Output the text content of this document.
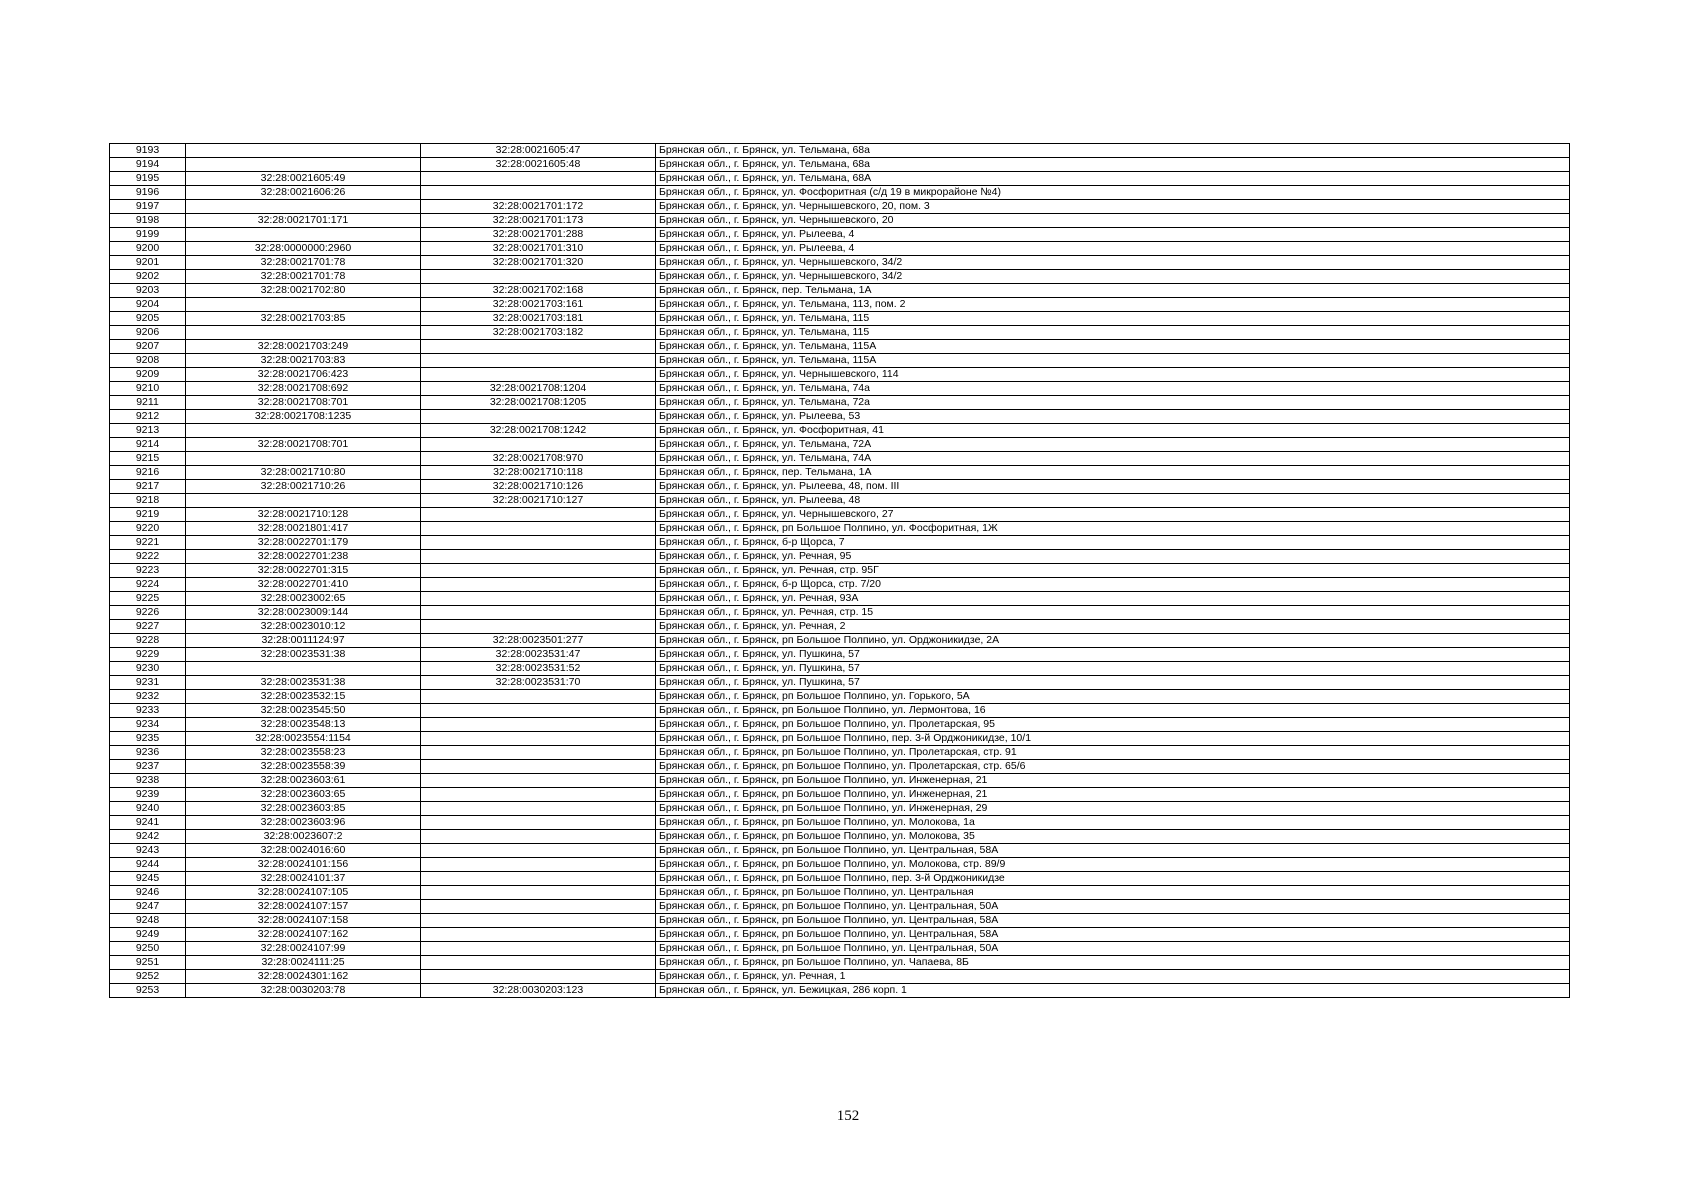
9193		32:28:0021605:47	Брянская обл., г. Брянск, ул. Тельмана, 68а
9194		32:28:0021605:48	Брянская обл., г. Брянск, ул. Тельмана, 68а
9195	32:28:0021605:49		Брянская обл., г. Брянск, ул. Тельмана, 68А
9196	32:28:0021606:26		Брянская обл., г. Брянск, ул. Фосфоритная (с/д 19 в микрорайоне №4)
9197		32:28:0021701:172	Брянская обл., г. Брянск, ул. Чернышевского, 20, пом. 3
9198	32:28:0021701:171	32:28:0021701:173	Брянская обл., г. Брянск, ул. Чернышевского, 20
9199		32:28:0021701:288	Брянская обл., г. Брянск, ул. Рылеева, 4
9200	32:28:0000000:2960	32:28:0021701:310	Брянская обл., г. Брянск, ул. Рылеева, 4
9201	32:28:0021701:78	32:28:0021701:320	Брянская обл., г. Брянск, ул. Чернышевского, 34/2
9202	32:28:0021701:78		Брянская обл., г. Брянск, ул. Чернышевского, 34/2
9203	32:28:0021702:80	32:28:0021702:168	Брянская обл., г. Брянск, пер. Тельмана, 1А
9204		32:28:0021703:161	Брянская обл., г. Брянск, ул. Тельмана, 113, пом. 2
9205	32:28:0021703:85	32:28:0021703:181	Брянская обл., г. Брянск, ул. Тельмана, 115
9206		32:28:0021703:182	Брянская обл., г. Брянск, ул. Тельмана, 115
9207	32:28:0021703:249		Брянская обл., г. Брянск, ул. Тельмана, 115А
9208	32:28:0021703:83		Брянская обл., г. Брянск, ул. Тельмана, 115А
9209	32:28:0021706:423		Брянская обл., г. Брянск, ул. Чернышевского, 114
9210	32:28:0021708:692	32:28:0021708:1204	Брянская обл., г. Брянск, ул. Тельмана, 74а
9211	32:28:0021708:701	32:28:0021708:1205	Брянская обл., г. Брянск, ул. Тельмана, 72а
9212	32:28:0021708:1235		Брянская обл., г. Брянск, ул. Рылеева, 53
9213		32:28:0021708:1242	Брянская обл., г. Брянск, ул. Фосфоритная, 41
9214	32:28:0021708:701		Брянская обл., г. Брянск, ул. Тельмана, 72А
9215		32:28:0021708:970	Брянская обл., г. Брянск, ул. Тельмана, 74А
9216	32:28:0021710:80	32:28:0021710:118	Брянская обл., г. Брянск, пер. Тельмана, 1А
9217	32:28:0021710:26	32:28:0021710:126	Брянская обл., г. Брянск, ул. Рылеева, 48, пом. III
9218		32:28:0021710:127	Брянская обл., г. Брянск, ул. Рылеева, 48
9219	32:28:0021710:128		Брянская обл., г. Брянск, ул. Чернышевского, 27
9220	32:28:0021801:417		Брянская обл., г. Брянск, рп Большое Полпино, ул. Фосфоритная, 1Ж
9221	32:28:0022701:179		Брянская обл., г. Брянск, б-р Щорса, 7
9222	32:28:0022701:238		Брянская обл., г. Брянск, ул. Речная, 95
9223	32:28:0022701:315		Брянская обл., г. Брянск, ул. Речная, стр. 95Г
9224	32:28:0022701:410		Брянская обл., г. Брянск, б-р Щорса, стр. 7/20
9225	32:28:0023002:65		Брянская обл., г. Брянск, ул. Речная, 93А
9226	32:28:0023009:144		Брянская обл., г. Брянск, ул. Речная, стр. 15
9227	32:28:0023010:12		Брянская обл., г. Брянск, ул. Речная, 2
9228	32:28:0011124:97	32:28:0023501:277	Брянская обл., г. Брянск, рп Большое Полпино, ул. Орджоникидзе, 2А
9229	32:28:0023531:38	32:28:0023531:47	Брянская обл., г. Брянск, ул. Пушкина, 57
9230		32:28:0023531:52	Брянская обл., г. Брянск, ул. Пушкина, 57
9231	32:28:0023531:38	32:28:0023531:70	Брянская обл., г. Брянск, ул. Пушкина, 57
9232	32:28:0023532:15		Брянская обл., г. Брянск, рп Большое Полпино, ул. Горького, 5А
9233	32:28:0023545:50		Брянская обл., г. Брянск, рп Большое Полпино, ул. Лермонтова, 16
9234	32:28:0023548:13		Брянская обл., г. Брянск, рп Большое Полпино, ул. Пролетарская, 95
9235	32:28:0023554:1154		Брянская обл., г. Брянск, рп Большое Полпино, пер. 3-й Орджоникидзе, 10/1
9236	32:28:0023558:23		Брянская обл., г. Брянск, рп Большое Полпино, ул. Пролетарская, стр. 91
9237	32:28:0023558:39		Брянская обл., г. Брянск, рп Большое Полпино, ул. Пролетарская, стр. 65/6
9238	32:28:0023603:61		Брянская обл., г. Брянск, рп Большое Полпино, ул. Инженерная, 21
9239	32:28:0023603:65		Брянская обл., г. Брянск, рп Большое Полпино, ул. Инженерная, 21
9240	32:28:0023603:85		Брянская обл., г. Брянск, рп Большое Полпино, ул. Инженерная, 29
9241	32:28:0023603:96		Брянская обл., г. Брянск, рп Большое Полпино, ул. Молокова, 1а
9242	32:28:0023607:2		Брянская обл., г. Брянск, рп Большое Полпино, ул. Молокова, 35
9243	32:28:0024016:60		Брянская обл., г. Брянск, рп Большое Полпино, ул. Центральная, 58А
9244	32:28:0024101:156		Брянская обл., г. Брянск, рп Большое Полпино, ул. Молокова, стр. 89/9
9245	32:28:0024101:37		Брянская обл., г. Брянск, рп Большое Полпино, пер. 3-й Орджоникидзе
9246	32:28:0024107:105		Брянская обл., г. Брянск, рп Большое Полпино, ул. Центральная
9247	32:28:0024107:157		Брянская обл., г. Брянск, рп Большое Полпино, ул. Центральная, 50А
9248	32:28:0024107:158		Брянская обл., г. Брянск, рп Большое Полпино, ул. Центральная, 58А
9249	32:28:0024107:162		Брянская обл., г. Брянск, рп Большое Полпино, ул. Центральная, 58А
9250	32:28:0024107:99		Брянская обл., г. Брянск, рп Большое Полпино, ул. Центральная, 50А
9251	32:28:0024111:25		Брянская обл., г. Брянск, рп Большое Полпино, ул. Чапаева, 8Б
9252	32:28:0024301:162		Брянская обл., г. Брянск, ул. Речная, 1
9253	32:28:0030203:78	32:28:0030203:123	Брянская обл., г. Брянск, ул. Бежицкая, 286 корп. 1
152
